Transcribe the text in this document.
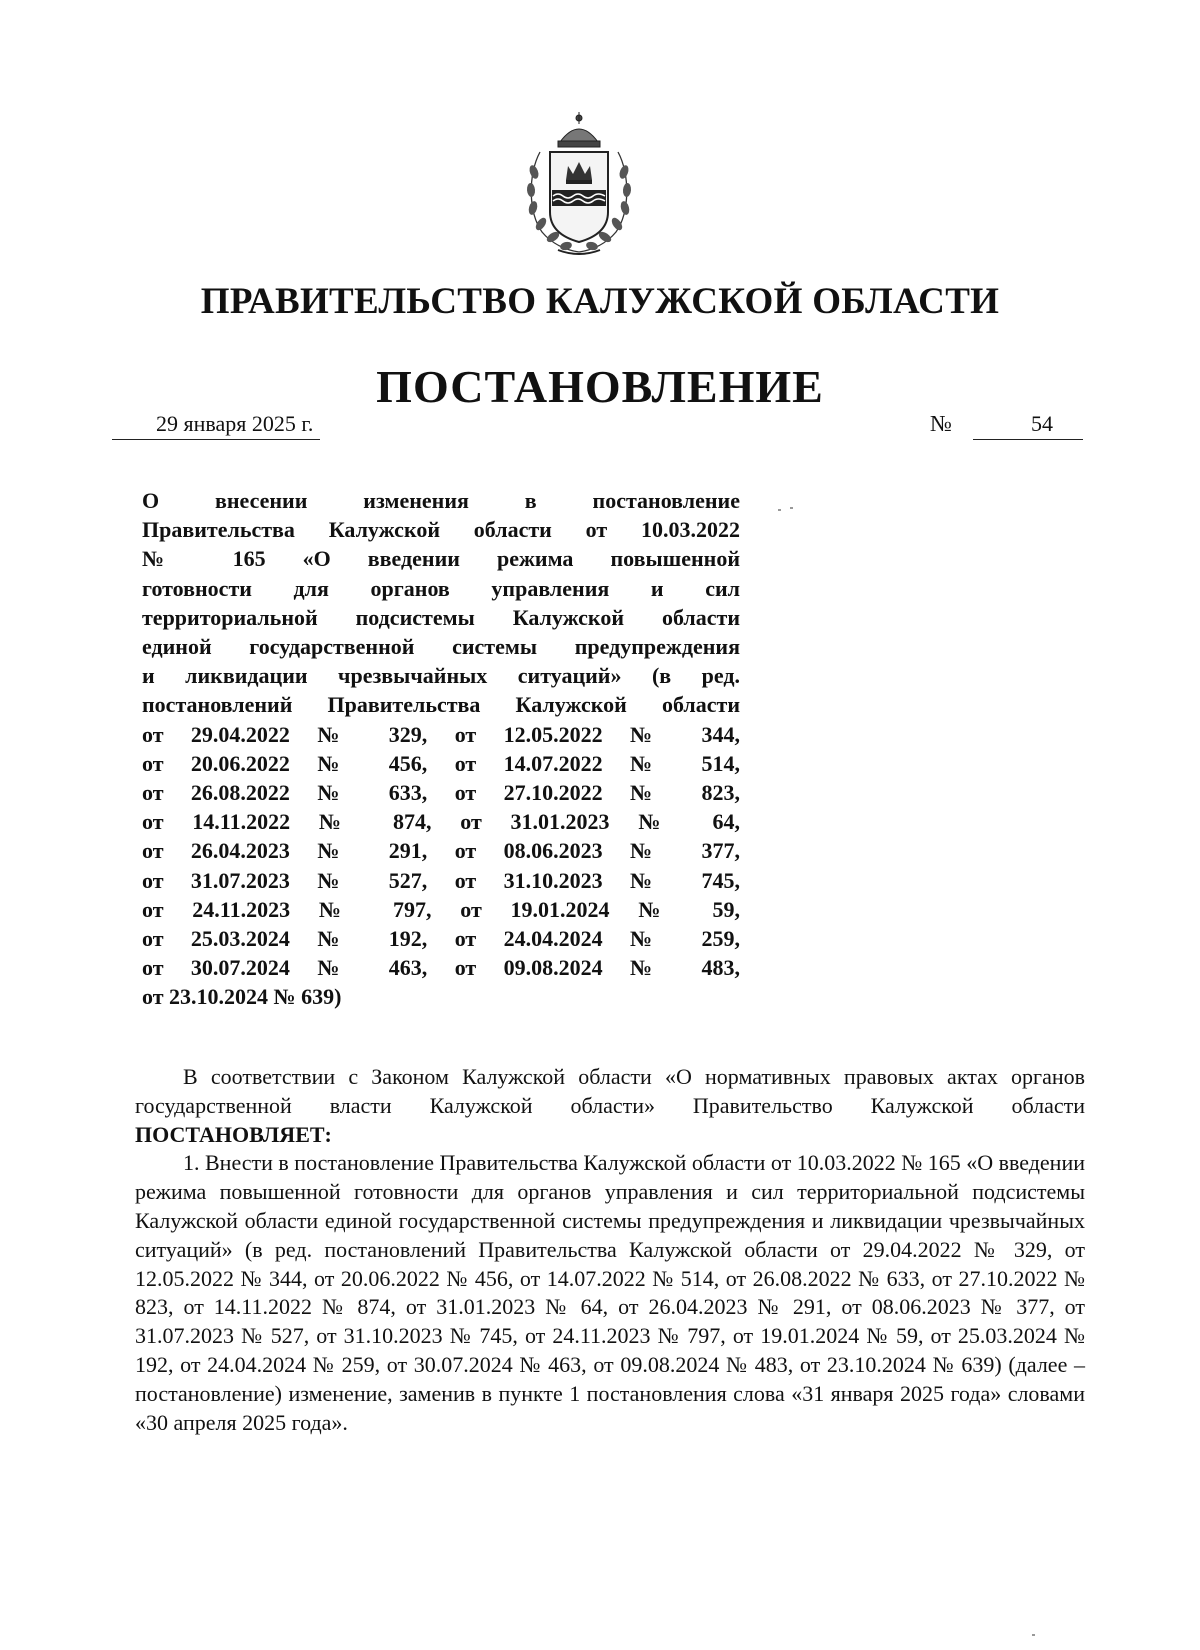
ПРАВИТЕЛЬСТВО КАЛУЖСКОЙ ОБЛАСТИ
ПОСТАНОВЛЕНИЕ
29 января 2025 г.	№	54
О внесении изменения в постановление
Правительства Калужской области от 10.03.2022
№ 165 «О введении режима повышенной
готовности для органов управления и сил
территориальной подсистемы Калужской области
единой государственной системы предупреждения
и ликвидации чрезвычайных ситуаций» (в ред.
постановлений Правительства Калужской области
от 29.04.2022 № 329, от 12.05.2022 № 344,
от 20.06.2022 № 456, от 14.07.2022 № 514,
от 26.08.2022 № 633, от 27.10.2022 № 823,
от 14.11.2022 № 874, от 31.01.2023 № 64,
от 26.04.2023 № 291, от 08.06.2023 № 377,
от 31.07.2023 № 527, от 31.10.2023 № 745,
от 24.11.2023 № 797, от 19.01.2024 № 59,
от 25.03.2024 № 192, от 24.04.2024 № 259,
от 30.07.2024 № 463, от 09.08.2024 № 483,
от 23.10.2024 № 639)

В соответствии с Законом Калужской области «О нормативных правовых актах органов государственной власти Калужской области» Правительство Калужской области ПОСТАНОВЛЯЕТ:

1. Внести в постановление Правительства Калужской области от 10.03.2022 № 165 «О введении режима повышенной готовности для органов управления и сил территориальной подсистемы Калужской области единой государственной системы предупреждения и ликвидации чрезвычайных ситуаций» (в ред. постановлений Правительства Калужской области от 29.04.2022 № 329, от 12.05.2022 № 344, от 20.06.2022 № 456, от 14.07.2022 № 514, от 26.08.2022 № 633, от 27.10.2022 № 823, от 14.11.2022 № 874, от 31.01.2023 № 64, от 26.04.2023 № 291, от 08.06.2023 № 377, от 31.07.2023 № 527, от 31.10.2023 № 745, от 24.11.2023 № 797, от 19.01.2024 № 59, от 25.03.2024 № 192, от 24.04.2024 № 259, от 30.07.2024 № 463, от 09.08.2024 № 483, от 23.10.2024 № 639) (далее – постановление) изменение, заменив в пункте 1 постановления слова «31 января 2025 года» словами «30 апреля 2025 года».
